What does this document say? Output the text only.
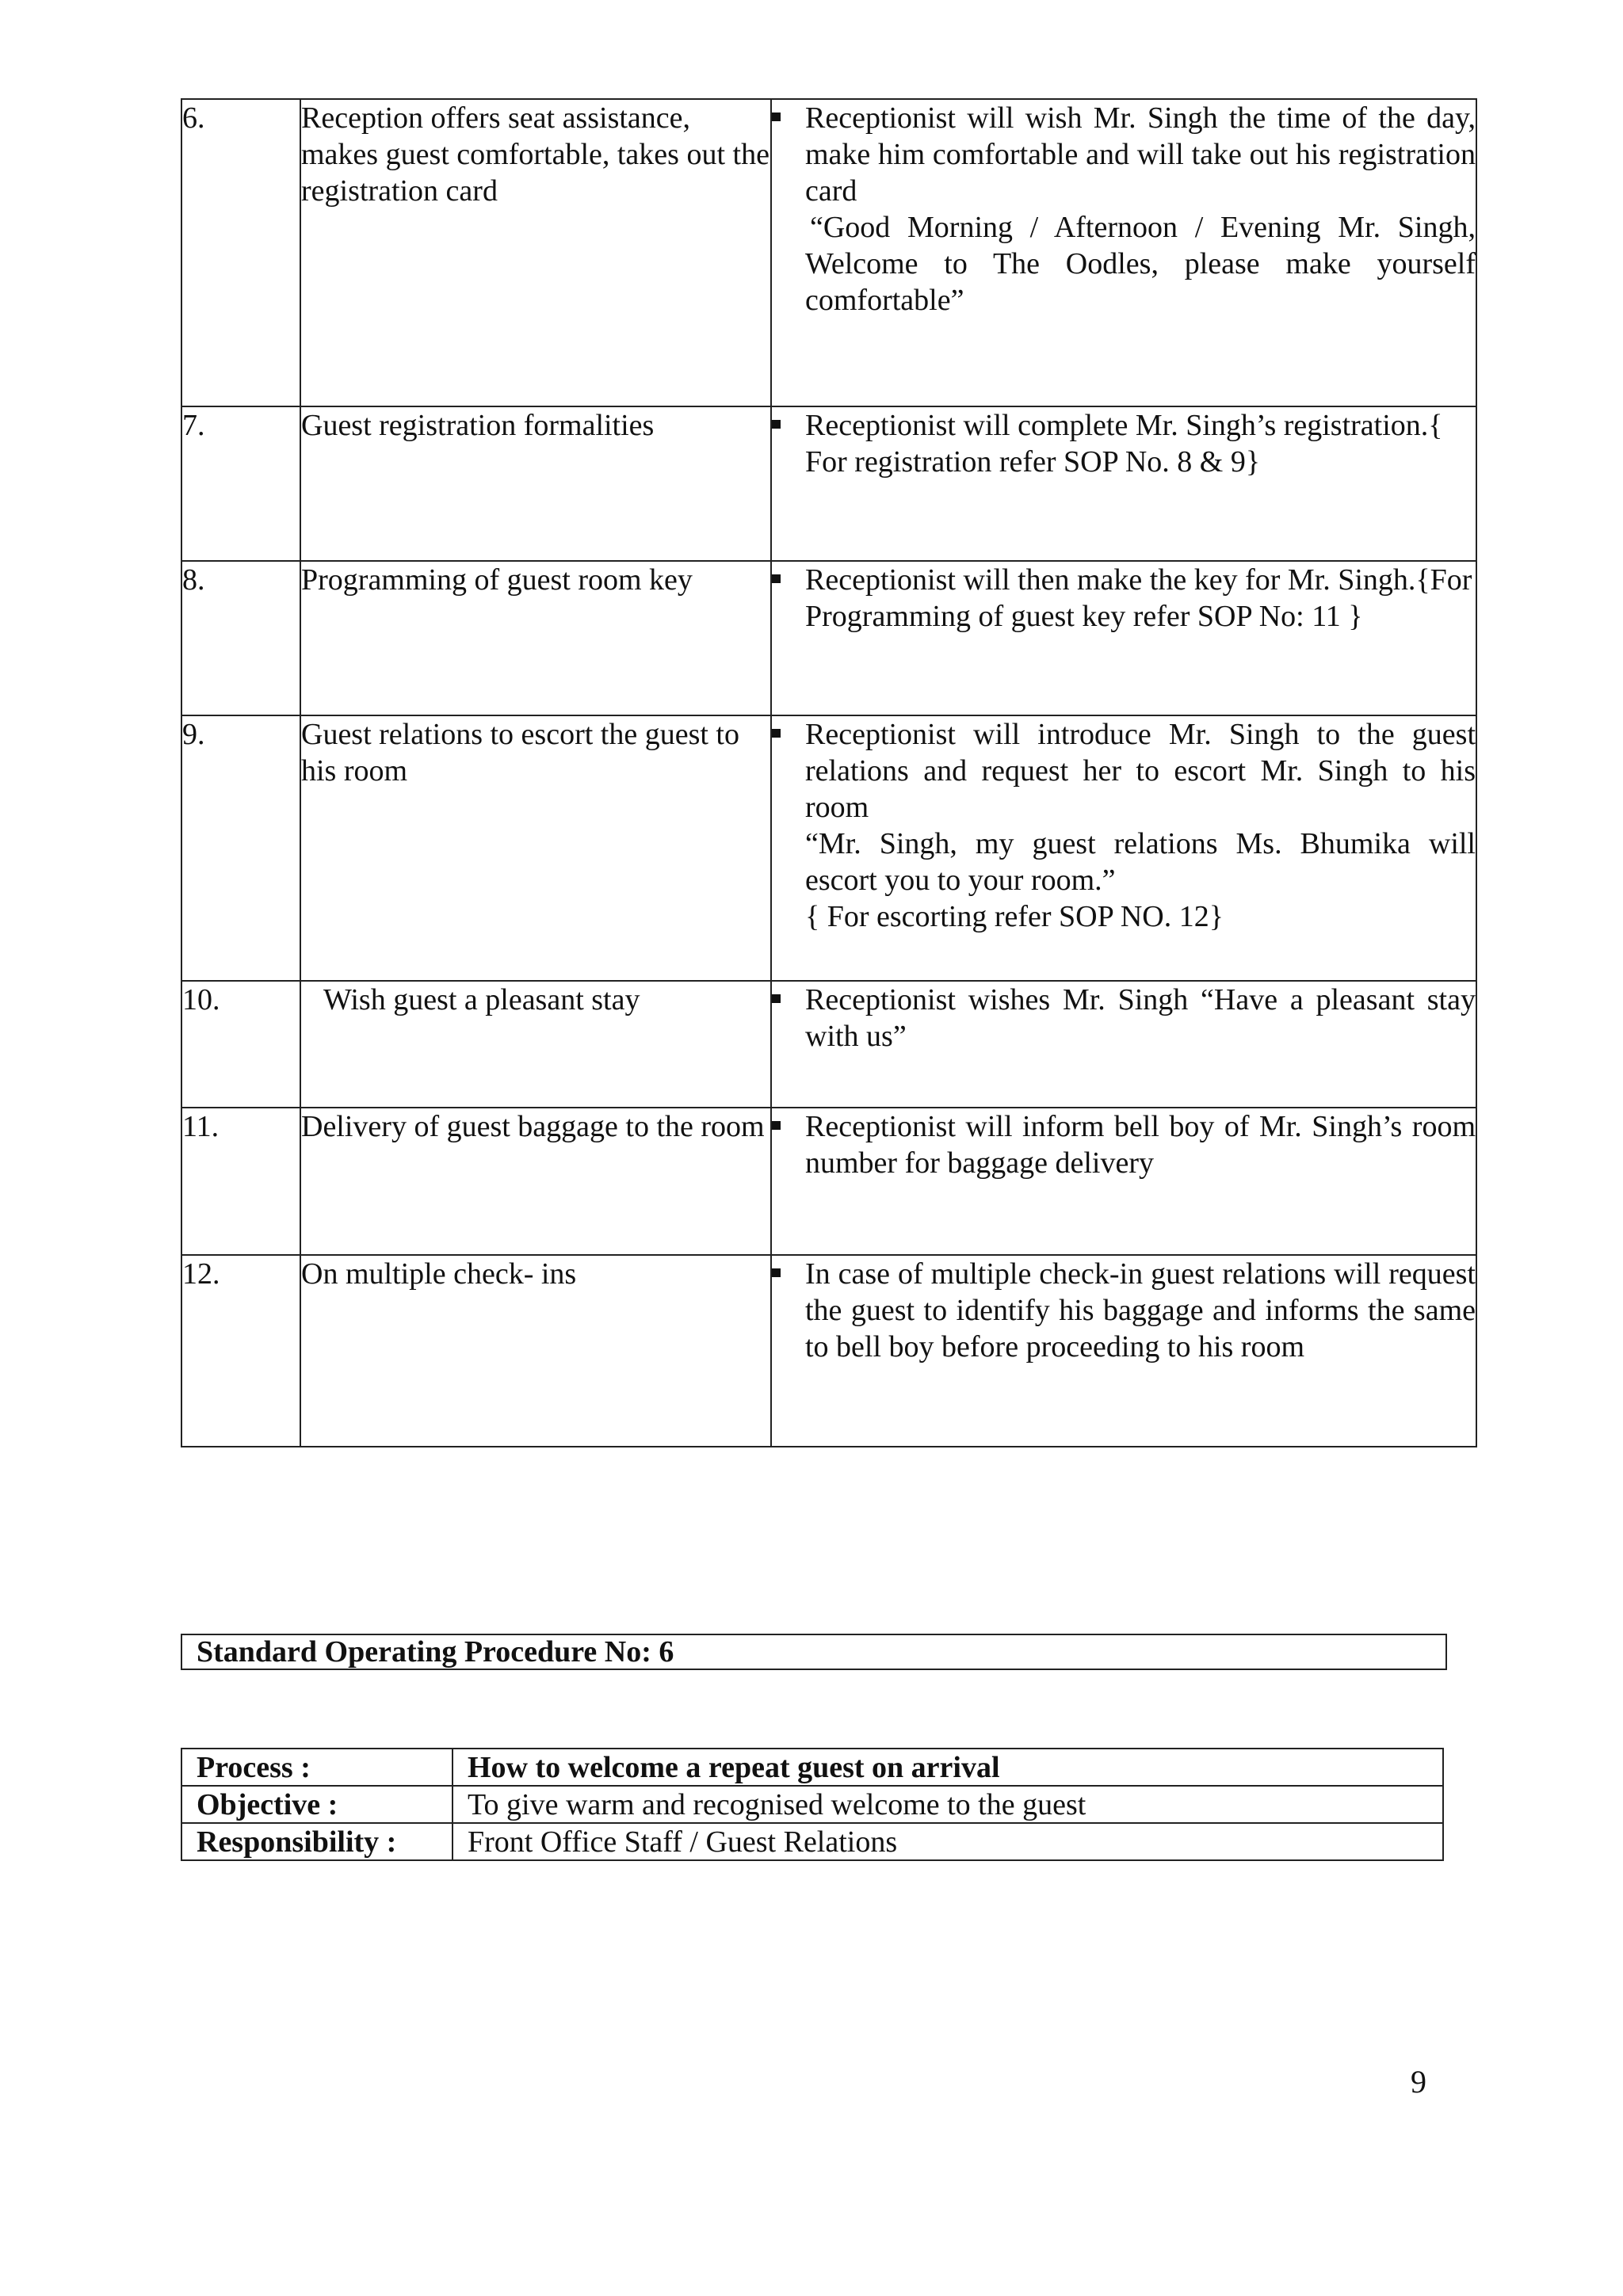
6.	Reception offers seat assistance, makes guest comfortable, takes out the registration card	Receptionist will wish Mr. Singh the time of the day, make him comfortable and will take out his registration card
“Good Morning / Afternoon / Evening Mr. Singh, Welcome to The Oodles, please make yourself comfortable”

7.	Guest registration formalities	Receptionist will complete Mr. Singh’s registration.{ For registration refer SOP No. 8 & 9}

8.	Programming of guest room key	Receptionist will then make the key for Mr. Singh.{For Programming of guest key refer SOP No: 11 }

9.	Guest relations to escort the guest to his room	Receptionist will introduce Mr. Singh to the guest relations and request her to escort Mr. Singh to his room
“Mr. Singh, my guest relations Ms. Bhumika will escort you to your room.”
{ For escorting refer SOP NO. 12}

10.	Wish guest a pleasant stay	Receptionist wishes Mr. Singh “Have a pleasant stay with us”

11.	Delivery of guest baggage to the room	Receptionist will inform bell boy of Mr. Singh’s room number for baggage delivery

12.	On multiple check- ins	In case of multiple check-in guest relations will request the guest to identify his baggage and informs the same to bell boy before proceeding to his room
Standard Operating Procedure No: 6
Process :	How to welcome a repeat guest on arrival
Objective :	To give warm and recognised welcome to the guest
Responsibility :	Front Office Staff / Guest Relations
9
